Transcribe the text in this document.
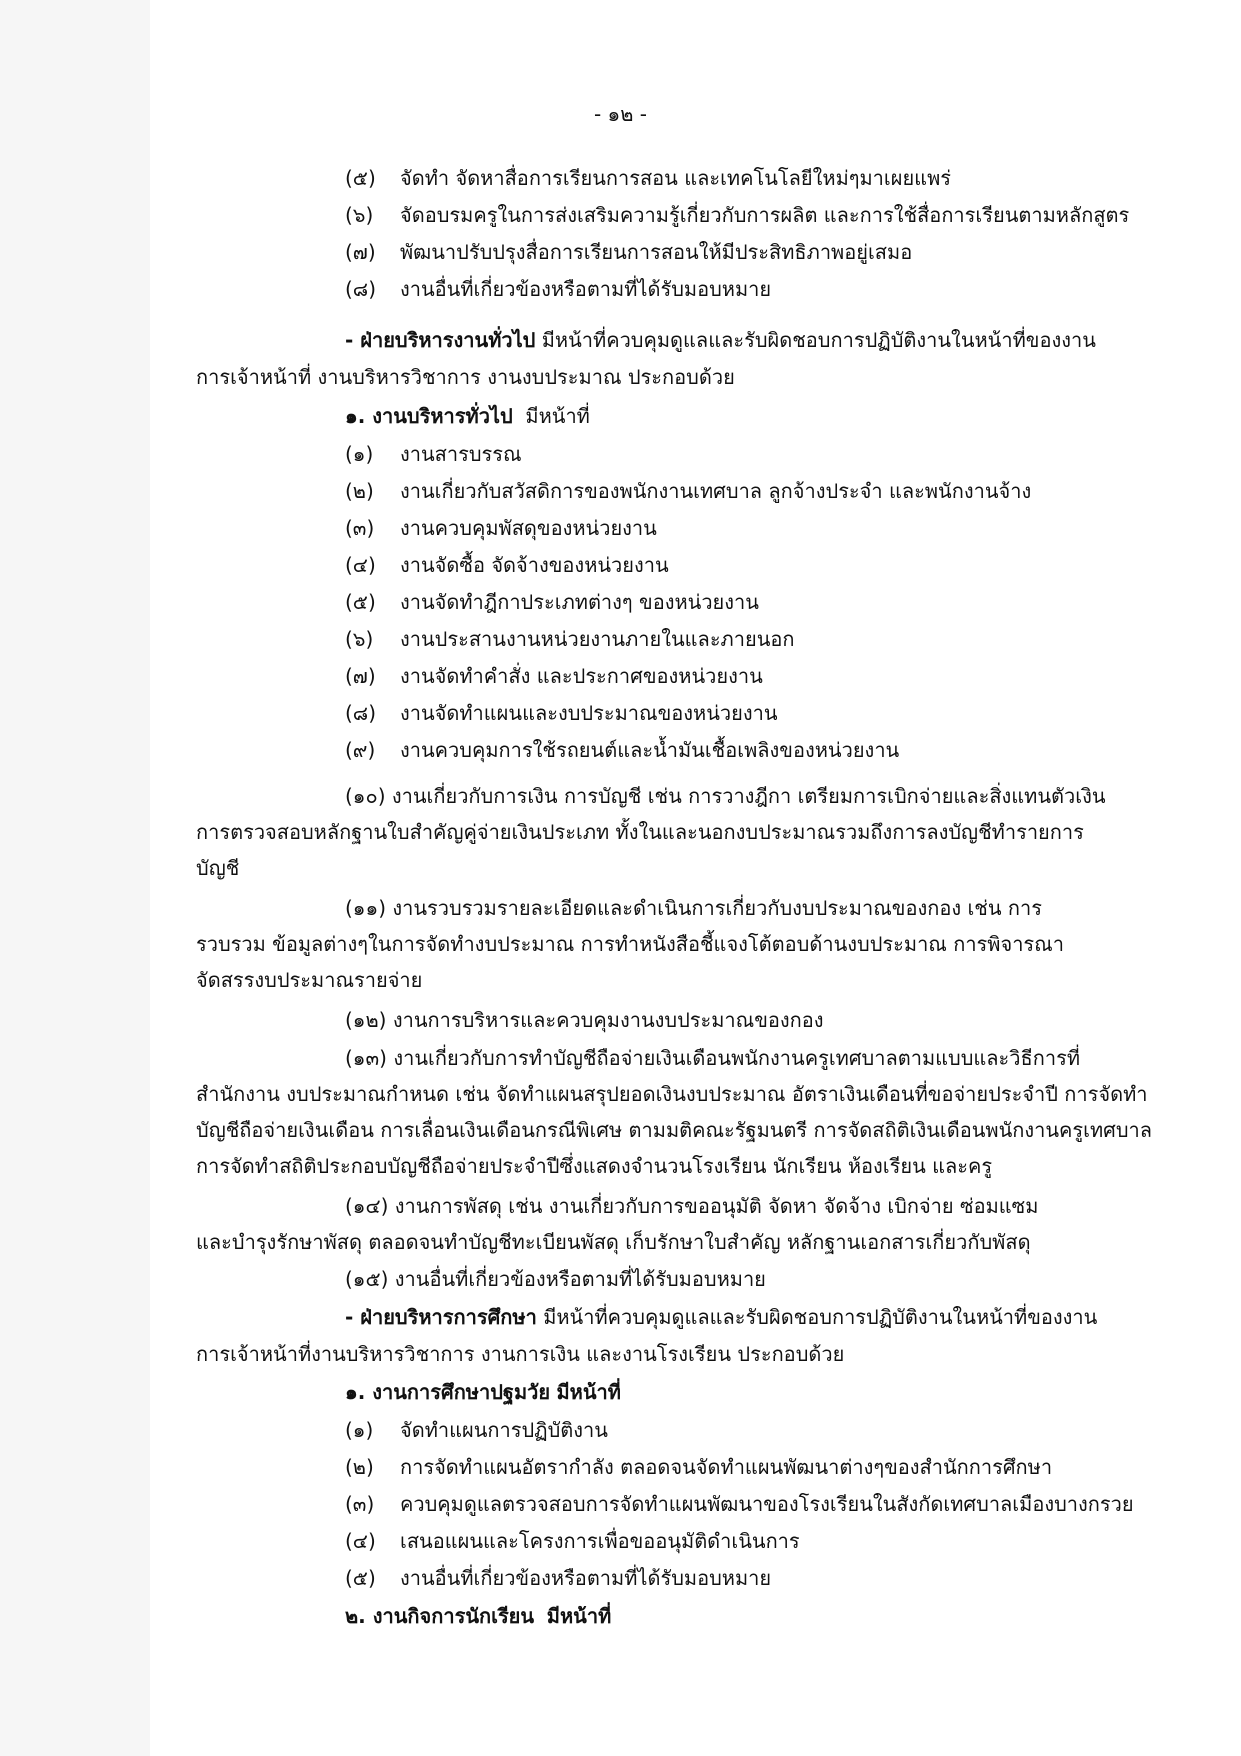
- ๑๒ -
(๕) จัดทำ จัดหาสื่อการเรียนการสอน และเทคโนโลยีใหม่ๆมาเผยแพร่
(๖) จัดอบรมครูในการส่งเสริมความรู้เกี่ยวกับการผลิต และการใช้สื่อการเรียนตามหลักสูตร
(๗) พัฒนาปรับปรุงสื่อการเรียนการสอนให้มีประสิทธิภาพอยู่เสมอ
(๘) งานอื่นที่เกี่ยวข้องหรือตามที่ได้รับมอบหมาย
- ฝ่ายบริหารงานทั่วไป มีหน้าที่ควบคุมดูแลและรับผิดชอบการปฏิบัติงานในหน้าที่ของงาน
การเจ้าหน้าที่ งานบริหารวิชาการ งานงบประมาณ ประกอบด้วย
๑. งานบริหารทั่วไป มีหน้าที่
(๑) งานสารบรรณ
(๒) งานเกี่ยวกับสวัสดิการของพนักงานเทศบาล ลูกจ้างประจำ และพนักงานจ้าง
(๓) งานควบคุมพัสดุของหน่วยงาน
(๔) งานจัดซื้อ จัดจ้างของหน่วยงาน
(๕) งานจัดทำฎีกาประเภทต่างๆ ของหน่วยงาน
(๖) งานประสานงานหน่วยงานภายในและภายนอก
(๗) งานจัดทำคำสั่ง และประกาศของหน่วยงาน
(๘) งานจัดทำแผนและงบประมาณของหน่วยงาน
(๙) งานควบคุมการใช้รถยนต์และน้ำมันเชื้อเพลิงของหน่วยงาน
(๑๐) งานเกี่ยวกับการเงิน การบัญชี เช่น การวางฎีกา เตรียมการเบิกจ่ายและสิ่งแทนตัวเงิน
การตรวจสอบหลักฐานใบสำคัญคู่จ่ายเงินประเภท ทั้งในและนอกงบประมาณรวมถึงการลงบัญชีทำรายการ
บัญชี
(๑๑) งานรวบรวมรายละเอียดและดำเนินการเกี่ยวกับงบประมาณของกอง เช่น การ
รวบรวม ข้อมูลต่างๆในการจัดทำงบประมาณ การทำหนังสือชี้แจงโต้ตอบด้านงบประมาณ การพิจารณา
จัดสรรงบประมาณรายจ่าย
(๑๒) งานการบริหารและควบคุมงานงบประมาณของกอง
(๑๓) งานเกี่ยวกับการทำบัญชีถือจ่ายเงินเดือนพนักงานครูเทศบาลตามแบบและวิธีการที่
สำนักงาน งบประมาณกำหนด เช่น จัดทำแผนสรุปยอดเงินงบประมาณ อัตราเงินเดือนที่ขอจ่ายประจำปี การจัดทำ
บัญชีถือจ่ายเงินเดือน การเลื่อนเงินเดือนกรณีพิเศษ ตามมติคณะรัฐมนตรี การจัดสถิติเงินเดือนพนักงานครูเทศบาล
การจัดทำสถิติประกอบบัญชีถือจ่ายประจำปีซึ่งแสดงจำนวนโรงเรียน นักเรียน ห้องเรียน และครู
(๑๔) งานการพัสดุ เช่น งานเกี่ยวกับการขออนุมัติ จัดหา จัดจ้าง เบิกจ่าย ซ่อมแซม
และบำรุงรักษาพัสดุ ตลอดจนทำบัญชีทะเบียนพัสดุ เก็บรักษาใบสำคัญ หลักฐานเอกสารเกี่ยวกับพัสดุ
(๑๕) งานอื่นที่เกี่ยวข้องหรือตามที่ได้รับมอบหมาย
- ฝ่ายบริหารการศึกษา มีหน้าที่ควบคุมดูแลและรับผิดชอบการปฏิบัติงานในหน้าที่ของงาน
การเจ้าหน้าที่งานบริหารวิชาการ งานการเงิน และงานโรงเรียน ประกอบด้วย
๑. งานการศึกษาปฐมวัย มีหน้าที่
(๑) จัดทำแผนการปฏิบัติงาน
(๒) การจัดทำแผนอัตรากำลัง ตลอดจนจัดทำแผนพัฒนาต่างๆของสำนักการศึกษา
(๓) ควบคุมดูแลตรวจสอบการจัดทำแผนพัฒนาของโรงเรียนในสังกัดเทศบาลเมืองบางกรวย
(๔) เสนอแผนและโครงการเพื่อขออนุมัติดำเนินการ
(๕) งานอื่นที่เกี่ยวข้องหรือตามที่ได้รับมอบหมาย
๒. งานกิจการนักเรียน มีหน้าที่
